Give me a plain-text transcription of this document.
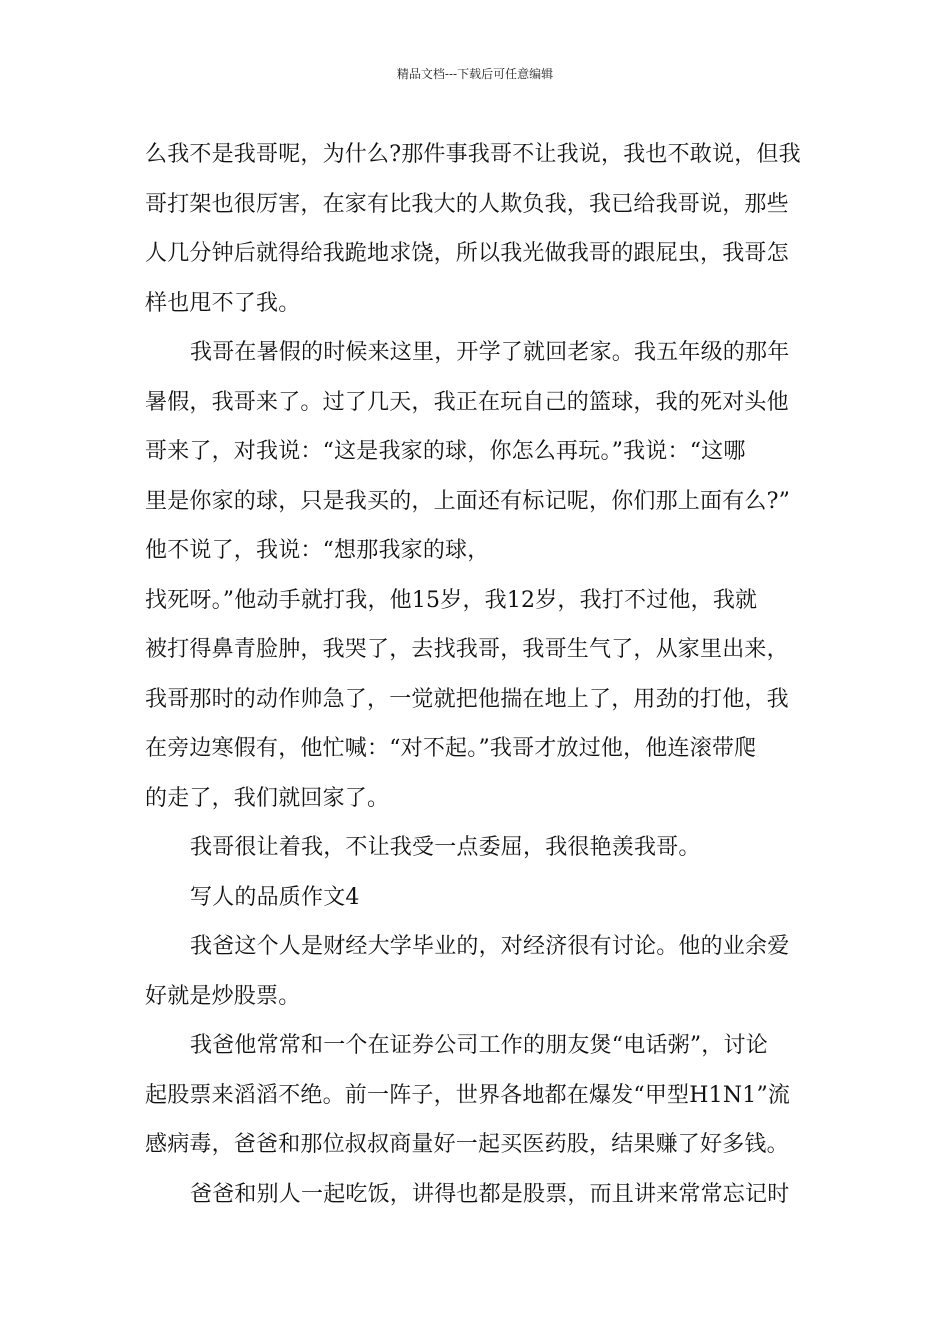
精品文档---下载后可任意编辑
么我不是我哥呢，为什么?那件事我哥不让我说，我也不敢说，但我
哥打架也很厉害，在家有比我大的人欺负我，我已给我哥说，那些
人几分钟后就得给我跪地求饶，所以我光做我哥的跟屁虫，我哥怎
样也甩不了我。
我哥在暑假的时候来这里，开学了就回老家。我五年级的那年
暑假，我哥来了。过了几天，我正在玩自己的篮球，我的死对头他
哥来了，对我说：“这是我家的球，你怎么再玩。”我说：“这哪
里是你家的球，只是我买的，上面还有标记呢，你们那上面有么?”
他不说了，我说：“想那我家的球，
找死呀。”他动手就打我，他15岁，我12岁，我打不过他，我就
被打得鼻青脸肿，我哭了，去找我哥，我哥生气了，从家里出来，
我哥那时的动作帅急了，一觉就把他揣在地上了，用劲的打他，我
在旁边寒假有，他忙喊：“对不起。”我哥才放过他，他连滚带爬
的走了，我们就回家了。
我哥很让着我，不让我受一点委屈，我很艳羡我哥。
写人的品质作文4
我爸这个人是财经大学毕业的，对经济很有讨论。他的业余爱
好就是炒股票。
我爸他常常和一个在证券公司工作的朋友煲“电话粥”，讨论
起股票来滔滔不绝。前一阵子，世界各地都在爆发“甲型H1N1”流
感病毒，爸爸和那位叔叔商量好一起买医药股，结果赚了好多钱。
爸爸和别人一起吃饭，讲得也都是股票，而且讲来常常忘记时
